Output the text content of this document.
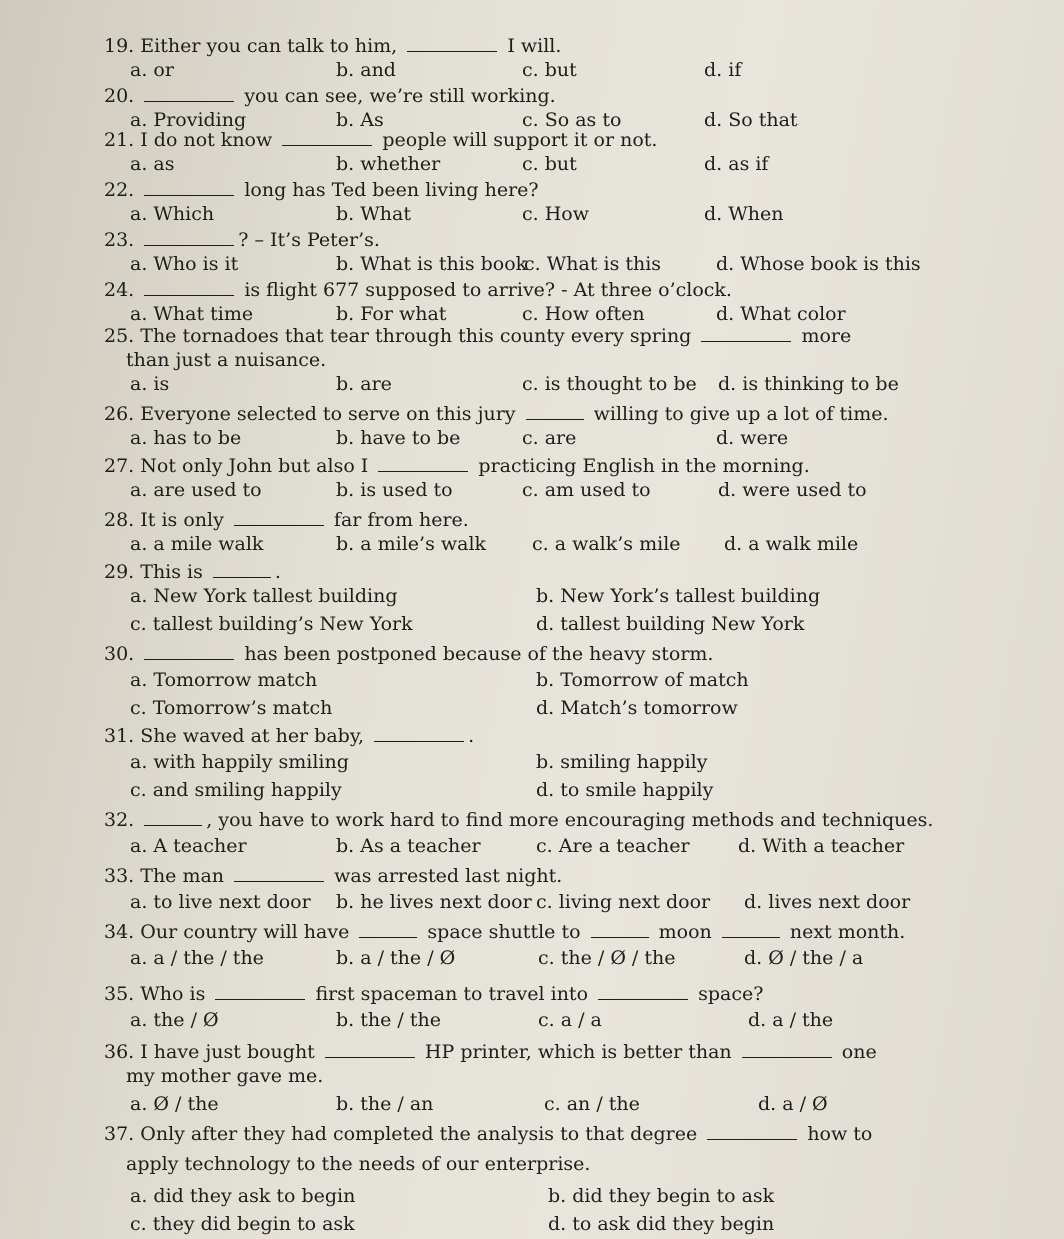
19. Either you can talk to him,	I will.
a. or	b. and	c. but	d. if
20.	you can see, we’re still working.
a. Providing	b. As	c. So as to	d. So that
21. I do not know	people will support it or not.
a. as	b. whether	c. but	d. as if
22.	long has Ted been living here?
a. Which	b. What	c. How	d. When
23.	? – It’s Peter’s.
a. Who is it	b. What is this book
c. What is this	d. Whose book is this
24.	is flight 677 supposed to arrive? - At three o’clock.
a. What time	b. For what	c. How often	d. What color
25. The tornadoes that tear through this county every spring	more
than just a nuisance.
a. is	b. are	c. is thought to be d. is thinking to be
26. Everyone selected to serve on this jury	willing to give up a lot of time.
a. has to be	b. have to be	c. are	d. were
27. Not only John but also I	practicing English in the morning.
a. are used to	b. is used to	c. am used to	d. were used to
28. It is only	far from here.
a. a mile walk	b. a mile’s walk c. a walk’s mile d. a walk mile
29. This is	.
a. New York tallest building	b. New York’s tallest building
c. tallest building’s New York	d. tallest building New York
30.	has been postponed because of the heavy storm.
a. Tomorrow match	b. Tomorrow of match
c. Tomorrow’s match	d. Match’s tomorrow
31. She waved at her baby,	.
a. with happily smiling	b. smiling happily
c. and smiling happily	d. to smile happily
32.	, you have to work hard to find more encouraging methods and techniques.
a. A teacher	b. As a teacher	c. Are a teacher	d. With a teacher
33. The man	was arrested last night.
a. to live next door b. he lives next door c. living next door d. lives next door
34. Our country will have	space shuttle to	moon	next month.
a. a / the / the	b. a / the / Ø	c. the / Ø / the	d. Ø / the / a
35. Who is	first spaceman to travel into	space?
a. the / Ø	b. the / the	c. a / a	d. a / the
36. I have just bought	HP printer, which is better than	one
my mother gave me.
a. Ø / the	b. the / an	c. an / the	d. a / Ø
37. Only after they had completed the analysis to that degree	how to
apply technology to the needs of our enterprise.
a. did they ask to begin	b. did they begin to ask
c. they did begin to ask	d. to ask did they begin
